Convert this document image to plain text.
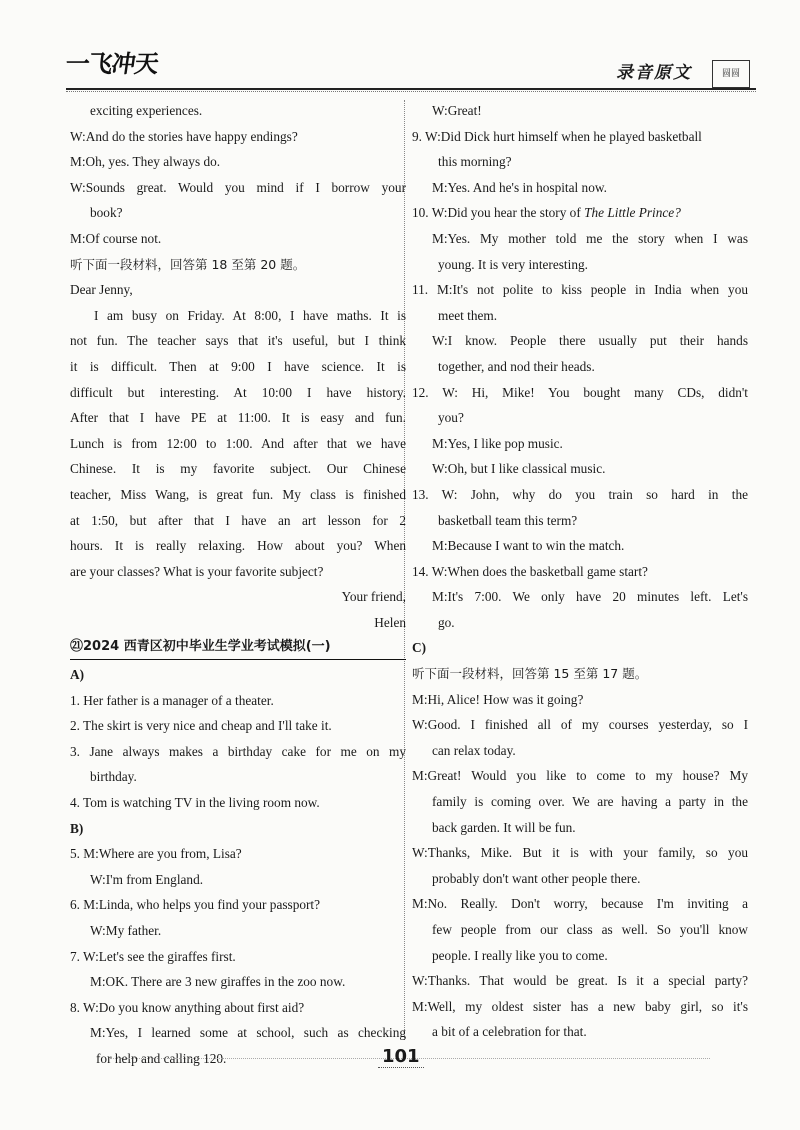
一飞冲天	录音原文	圆圆
exciting experiences.
W:And do the stories have happy endings?
M:Oh, yes. They always do.
W:Sounds great. Would you mind if I borrow your
book?
M:Of course not.
听下面一段材料，回答第 18 至第 20 题。
Dear Jenny,
I am busy on Friday. At 8:00, I have maths. It is
not fun. The teacher says that it's useful, but I think
it is difficult. Then at 9:00 I have science. It is
difficult but interesting. At 10:00 I have history.
After that I have PE at 11:00. It is easy and fun.
Lunch is from 12:00 to 1:00. And after that we have
Chinese. It is my favorite subject. Our Chinese
teacher, Miss Wang, is great fun. My class is finished
at 1:50, but after that I have an art lesson for 2
hours. It is really relaxing. How about you? When
are your classes? What is your favorite subject?
Your friend,
Helen
㉑2024 西青区初中毕业生学业考试模拟(一)
A)
1. Her father is a manager of a theater.
2. The skirt is very nice and cheap and I'll take it.
3. Jane always makes a birthday cake for me on my
birthday.
4. Tom is watching TV in the living room now.
B)
5. M:Where are you from, Lisa?
W:I'm from England.
6. M:Linda, who helps you find your passport?
W:My father.
7. W:Let's see the giraffes first.
M:OK. There are 3 new giraffes in the zoo now.
8. W:Do you know anything about first aid?
M:Yes, I learned some at school, such as checking
for help and calling 120.
W:Great!
9. W:Did Dick hurt himself when he played basketball
this morning?
M:Yes. And he's in hospital now.
10. W:Did you hear the story of The Little Prince?
M:Yes. My mother told me the story when I was
young. It is very interesting.
11. M:It's not polite to kiss people in India when you
meet them.
W:I know. People there usually put their hands
together, and nod their heads.
12. W: Hi, Mike! You bought many CDs, didn't
you?
M:Yes, I like pop music.
W:Oh, but I like classical music.
13. W: John, why do you train so hard in the
basketball team this term?
M:Because I want to win the match.
14. W:When does the basketball game start?
M:It's 7:00. We only have 20 minutes left. Let's
go.
C)
听下面一段材料，回答第 15 至第 17 题。
M:Hi, Alice! How was it going?
W:Good. I finished all of my courses yesterday, so I
can relax today.
M:Great! Would you like to come to my house? My
family is coming over. We are having a party in the
back garden. It will be fun.
W:Thanks, Mike. But it is with your family, so you
probably don't want other people there.
M:No. Really. Don't worry, because I'm inviting a
few people from our class as well. So you'll know
people. I really like you to come.
W:Thanks. That would be great. Is it a special party?
M:Well, my oldest sister has a new baby girl, so it's
a bit of a celebration for that.
101
